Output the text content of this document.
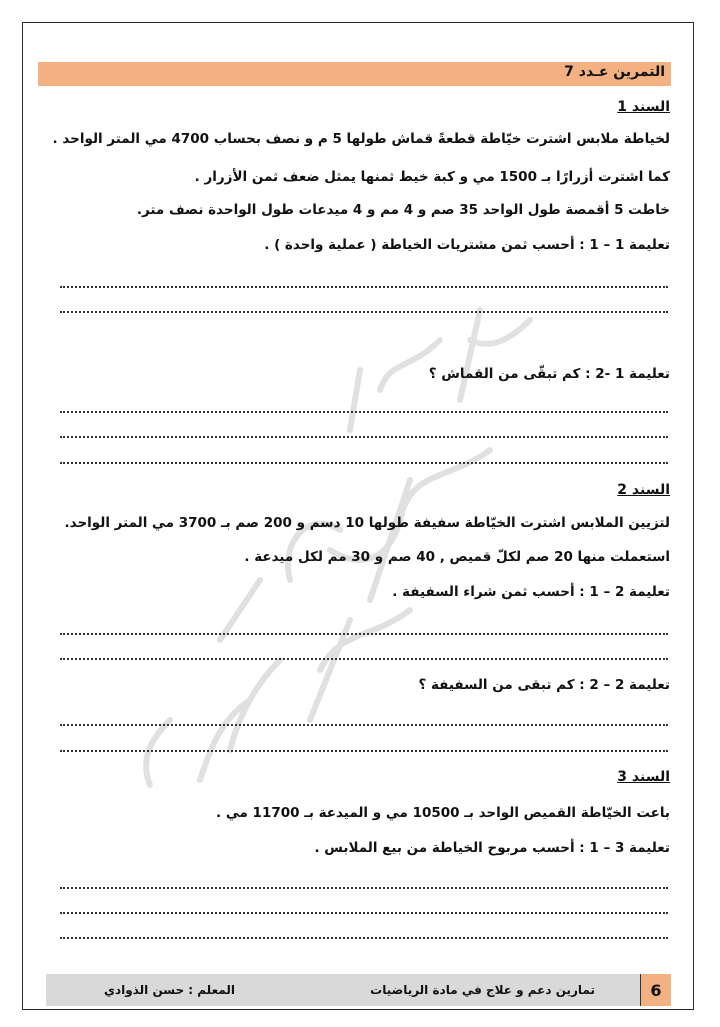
التمرين عـدد 7
السند 1
لخياطة ملابس اشترت خيّاطة قطعةً قماش طولها 5 م و نصف بحساب 4700 مي المتر الواحد .
كما اشترت أزرارًا بـ 1500 مي و كبة خيط ثمنها يمثل ضعف ثمن الأزرار .
خاطت 5 أقمصة طول الواحد 35 صم و 4 مم و 4 ميدعات طول الواحدة نصف متر.
تعليمة 1 – 1 : أحسب ثمن مشتريات الخياطة ( عملية واحدة ) .
تعليمة 1 -2 : كم تبقّى من القماش ؟
السند 2
لتزيين الملابس اشترت الخيّاطة سفيفة طولها 10 دسم و 200 صم بـ 3700 مي المتر الواحد.
استعملت منها 20 صم لكلّ قميص , 40 صم و 30 مم لكل ميدعة .
تعليمة 2 – 1 : أحسب ثمن شراء السفيفة .
تعليمة 2 – 2 : كم تبقى من السفيفة ؟
السند 3
باعت الخيّاطة القميص الواحد بـ 10500 مي و الميدعة بـ 11700 مي .
تعليمة 3 – 1 : أحسب مربوح الخياطة من بيع الملابس .
6
تمارين دعم و علاج في مادة الرياضيات
المعلم : حسن الذوادي
